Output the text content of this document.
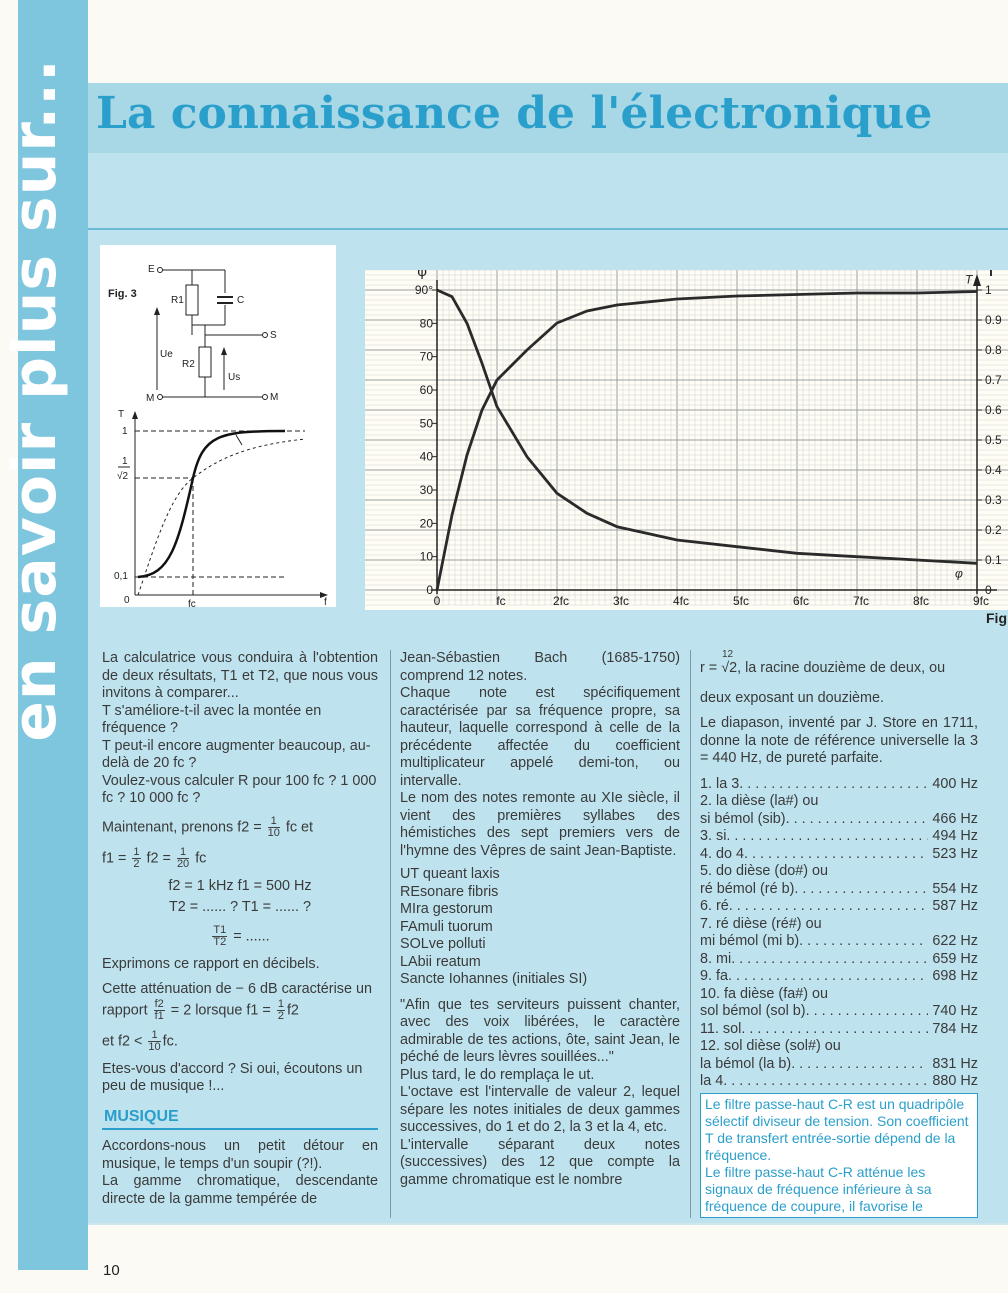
en savoir plus sur... La connaissance de l'électronique
Fig. 3
E
R1	C
S
R2
M	M
Ue
Us
T
f
1
1
√2
0,1
0	fc
90°
80
70
60
50
40
30
20
10
0
φ
1
0.9
0.8
0.7
0.6
0.5
0.4
0.3
0.2
0.1
0
T
0	fc	2fc	3fc	4fc	5fc	6fc	7fc	8fc	9fc
φ
T
Fig

La calculatrice vous conduira à l'obtention de deux résultats, T1 et T2, que nous vous invitons à comparer...

T s'améliore-t-il avec la montée en fréquence ?

T peut-il encore augmenter beaucoup, au-delà de 20 fc ?

Voulez-vous calculer R pour 100 fc ? 1 000 fc ? 10 000 fc ?

Maintenant, prenons $f2 = \frac{1}{10}$ fc et

$f1 = \frac{1}{2} f2 = \frac{1}{20}$ fc

f2 = 1 kHz f1 = 500 Hz

T2 = ...... ? T1 = ...... ?

$\frac{T1}{T2}$ = ......

Exprimons ce rapport en décibels.

Cette atténuation de − 6 dB caractérise un rapport $\frac{f2}{f1} = 2$ lorsque $f1 = \frac{1}{2} f2$

et $f2 < \frac{1}{10}$ fc.

Etes-vous d'accord ? Si oui, écoutons un peu de musique !...

MUSIQUE

Accordons-nous un petit détour en musique, le temps d'un soupir (?!).

La gamme chromatique, descendante directe de la gamme tempérée de

Jean-Sébastien Bach (1685-1750) comprend 12 notes.

Chaque note est spécifiquement caractérisée par sa fréquence propre, sa hauteur, laquelle correspond à celle de la précédente affectée du coefficient multiplicateur appelé demi-ton, ou intervalle.

Le nom des notes remonte au XIe siècle, il vient des premières syllabes des hémistiches des sept premiers vers de l'hymne des Vêpres de saint Jean-Baptiste.

UT queant laxis

REsonare fibris

MIra gestorum

FAmuli tuorum

SOLve polluti

LAbii reatum

Sancte Iohannes (initiales SI)

"Afin que tes serviteurs puissent chanter, avec des voix libérées, le caractère admirable de tes actions, ôte, saint Jean, le péché de leurs lèvres souillées..."

Plus tard, le do remplaça le ut.

L'octave est l'intervalle de valeur 2, lequel sépare les notes initiales de deux gammes successives, do 1 et do 2, la 3 et la 4, etc.

L'intervalle séparant deux notes (successives) des 12 que compte la gamme chromatique est le nombre

12

r = √2, la racine douzième de deux, ou

deux exposant un douzième.

Le diapason, inventé par J. Store en 1711, donne la note de référence universelle la 3 = 440 Hz, de pureté parfaite.

1. la 3 . . .	400 Hz

2. la dièse (la#) ou

si bémol (sib) . . .	466 Hz

3. si . . .	494 Hz

4. do 4 . . .	523 Hz

5. do dièse (do#) ou

ré bémol (ré b) . . .	554 Hz

6. ré . . .	587 Hz

7. ré dièse (ré#) ou

mi bémol (mi b) . . .	622 Hz

8. mi . . .	659 Hz

9. fa . . .	698 Hz

10. fa dièse (fa#) ou

sol bémol (sol b) . . .	740 Hz

11. sol . . .	784 Hz

12. sol dièse (sol#) ou

la bémol (la b) . . .	831 Hz

la 4 . . .	880 Hz

Le filtre passe-haut C-R est un quadripôle sélectif diviseur de tension. Son coefficient T de transfert entrée-sortie dépend de la fréquence.

Le filtre passe-haut C-R atténue les signaux de fréquence inférieure à sa fréquence de coupure, il favorise le

10
